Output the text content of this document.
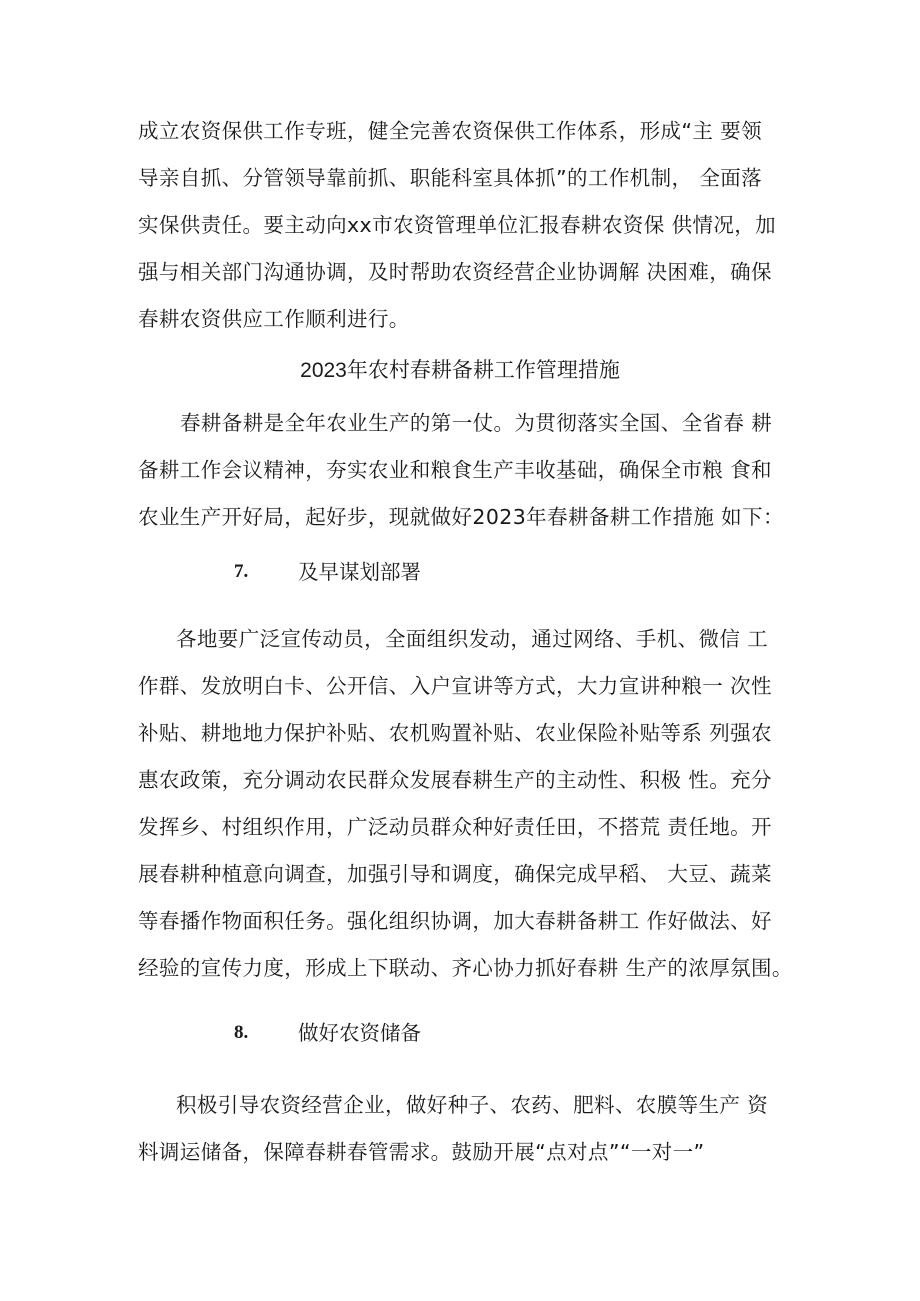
成立农资保供工作专班，健全完善农资保供工作体系，形成“主 要领
导亲自抓、分管领导靠前抓、职能科室具体抓”的工作机制， 全面落
实保供责任。要主动向xx市农资管理单位汇报春耕农资保 供情况，加
强与相关部门沟通协调，及时帮助农资经营企业协调解 决困难，确保
春耕农资供应工作顺利进行。
2023年农村春耕备耕工作管理措施
春耕备耕是全年农业生产的第一仗。为贯彻落实全国、全省春 耕
备耕工作会议精神，夯实农业和粮食生产丰收基础，确保全市粮 食和
农业生产开好局，起好步，现就做好2023年春耕备耕工作措施 如下：
7. 及早谋划部署
各地要广泛宣传动员，全面组织发动，通过网络、手机、微信 工
作群、发放明白卡、公开信、入户宣讲等方式，大力宣讲种粮一 次性
补贴、耕地地力保护补贴、农机购置补贴、农业保险补贴等系 列强农
惠农政策，充分调动农民群众发展春耕生产的主动性、积极 性。充分
发挥乡、村组织作用，广泛动员群众种好责任田，不搭荒 责任地。开
展春耕种植意向调查，加强引导和调度，确保完成早稻、 大豆、蔬菜
等春播作物面积任务。强化组织协调，加大春耕备耕工 作好做法、好
经验的宣传力度，形成上下联动、齐心协力抓好春耕 生产的浓厚氛围。
8. 做好农资储备
积极引导农资经营企业，做好种子、农药、肥料、农膜等生产 资
料调运储备，保障春耕春管需求。鼓励开展“点对点”“一对一”
